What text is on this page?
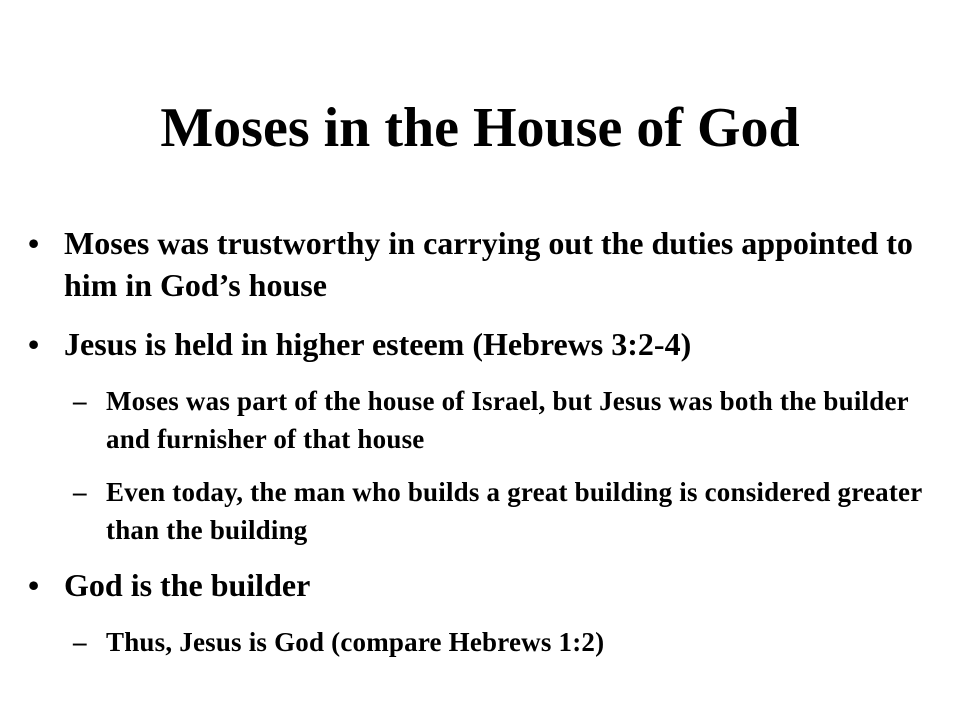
Moses in the House of God
• Moses was trustworthy in carrying out the duties appointed to him in God’s house
• Jesus is held in higher esteem (Hebrews 3:2-4)
– Moses was part of the house of Israel, but Jesus was both the builder and furnisher of that house
– Even today, the man who builds a great building is considered greater than the building
• God is the builder
– Thus, Jesus is God (compare Hebrews 1:2)
